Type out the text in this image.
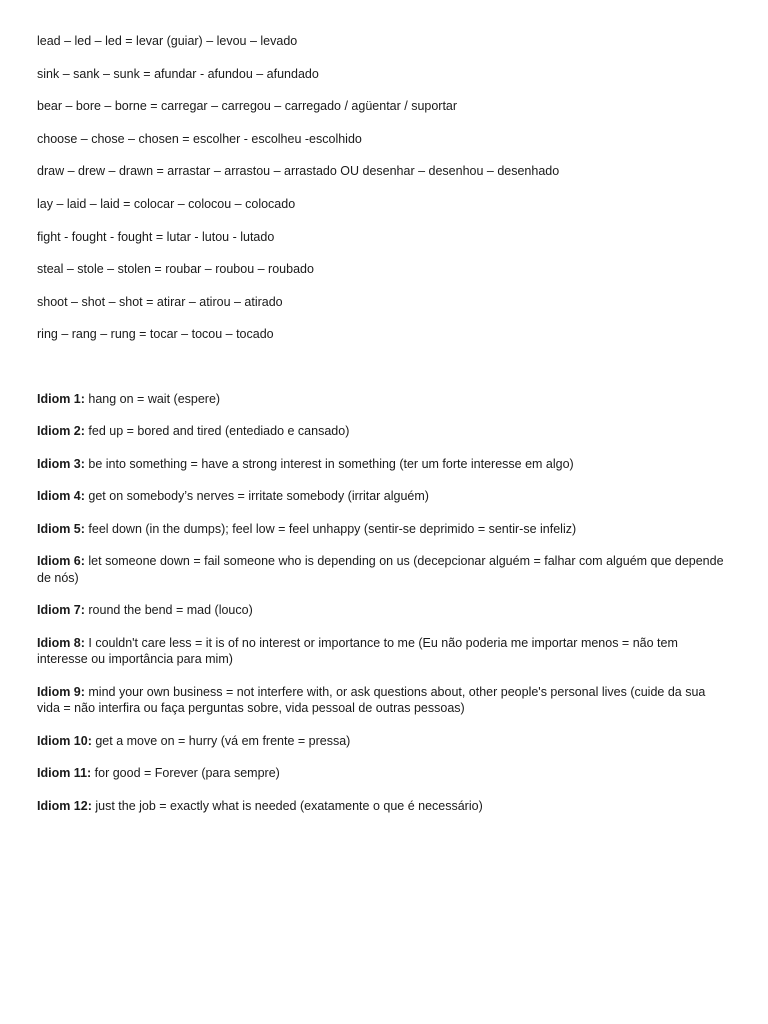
lead – led – led = levar (guiar) – levou – levado
sink – sank – sunk = afundar - afundou – afundado
bear – bore – borne = carregar – carregou – carregado / agüentar / suportar
choose – chose – chosen = escolher - escolheu -escolhido
draw – drew – drawn = arrastar – arrastou – arrastado OU desenhar – desenhou – desenhado
lay – laid – laid = colocar – colocou – colocado
fight - fought - fought = lutar - lutou - lutado
steal – stole – stolen = roubar – roubou – roubado
shoot – shot – shot = atirar – atirou – atirado
ring – rang – rung = tocar – tocou – tocado
Idiom 1: hang on = wait (espere)
Idiom 2: fed up = bored and tired (entediado e cansado)
Idiom 3: be into something = have a strong interest in something (ter um forte interesse em algo)
Idiom 4: get on somebody’s nerves = irritate somebody (irritar alguém)
Idiom 5: feel down (in the dumps); feel low = feel unhappy (sentir-se deprimido = sentir-se infeliz)
Idiom 6: let someone down = fail someone who is depending on us (decepcionar alguém = falhar com alguém que depende de nós)
Idiom 7: round the bend = mad (louco)
Idiom 8: I couldn't care less = it is of no interest or importance to me (Eu não poderia me importar menos = não tem interesse ou importância para mim)
Idiom 9: mind your own business = not interfere with, or ask questions about, other people's personal lives (cuide da sua vida = não interfira ou faça perguntas sobre, vida pessoal de outras pessoas)
Idiom 10: get a move on = hurry (vá em frente = pressa)
Idiom 11: for good = Forever (para sempre)
Idiom 12: just the job = exactly what is needed (exatamente o que é necessário)
